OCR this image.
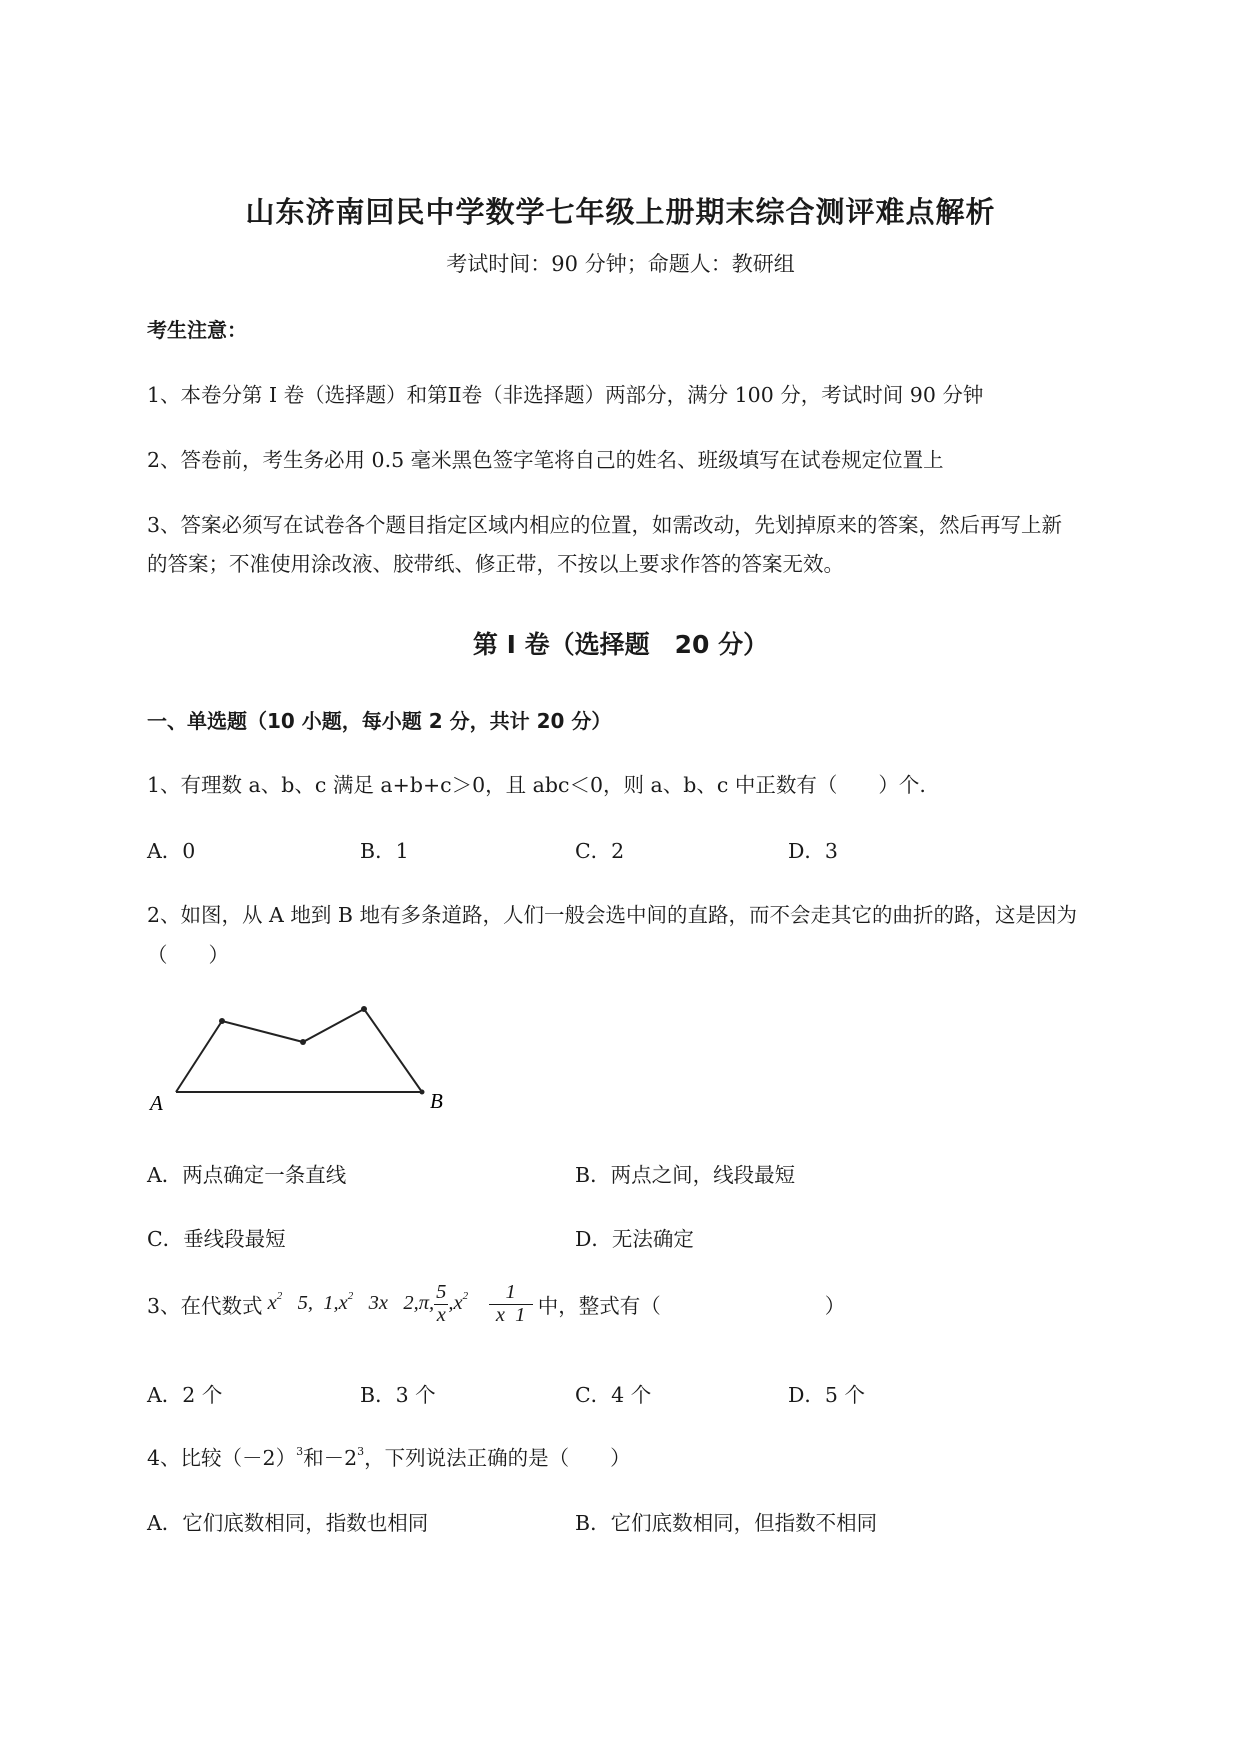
山东济南回民中学数学七年级上册期末综合测评难点解析
考试时间：90 分钟；命题人：教研组
考生注意：
1、本卷分第 I 卷（选择题）和第Ⅱ卷（非选择题）两部分，满分 100 分，考试时间 90 分钟
2、答卷前，考生务必用 0.5 毫米黑色签字笔将自己的姓名、班级填写在试卷规定位置上
3、答案必须写在试卷各个题目指定区域内相应的位置，如需改动，先划掉原来的答案，然后再写上新
的答案；不准使用涂改液、胶带纸、修正带，不按以上要求作答的答案无效。
第 I 卷（选择题　20 分）
一、单选题（10 小题，每小题 2 分，共计 20 分）
1、有理数 a、b、c 满足 a+b+c＞0，且 abc＜0，则 a、b、c 中正数有（　　）个.
A．0	B．1	C．2	D．3
2、如图，从 A 地到 B 地有多条道路，人们一般会选中间的直路，而不会走其它的曲折的路，这是因为
（　　）
A	B
A．两点确定一条直线	B．两点之间，线段最短
C．垂线段最短	D．无法确定
3、在代数式 $x^2$ 5, $1,x^2$ 3x 2,π, $\frac{5}{x} ,x^2 \frac{1}{x 1}$ 中，整式有（　　　　　　　　）
A．2 个	B．3 个	C．4 个	D．5 个
4、比较$(-2)^3$和$-2^3$，下列说法正确的是（　　）
A．它们底数相同，指数也相同	B．它们底数相同，但指数不相同
